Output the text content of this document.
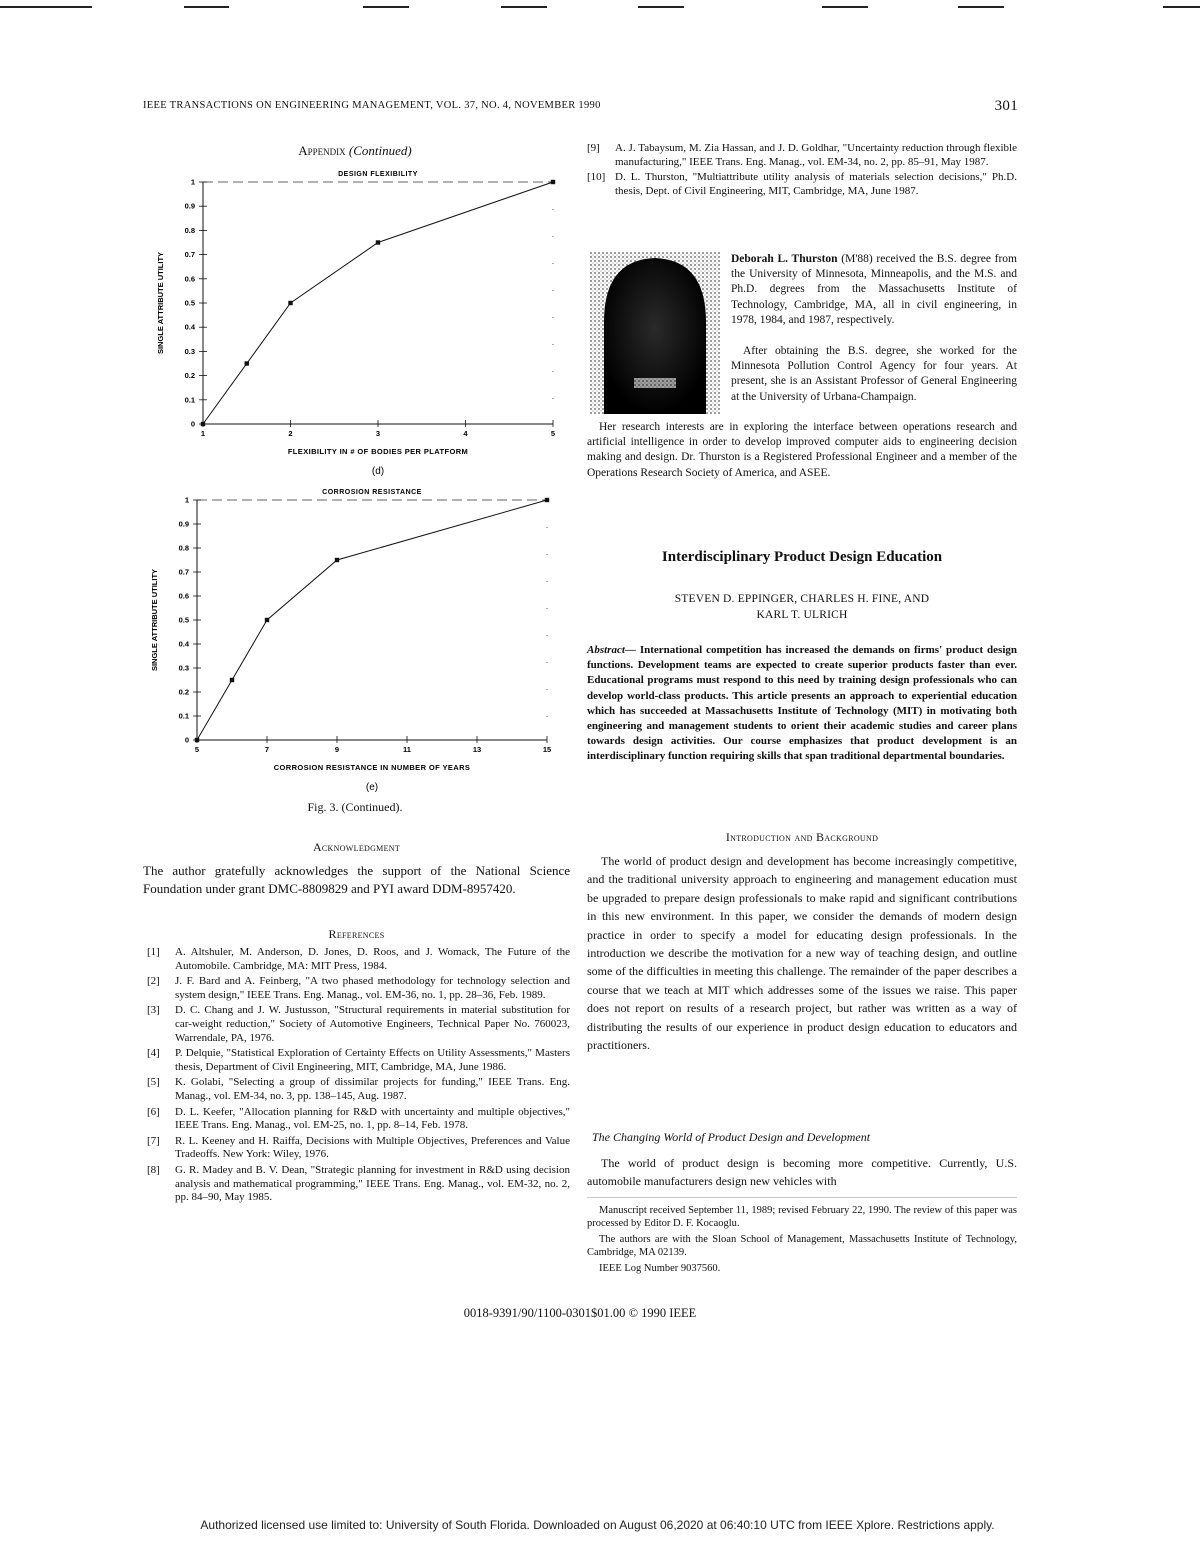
IEEE TRANSACTIONS ON ENGINEERING MANAGEMENT, VOL. 37, NO. 4, NOVEMBER 1990	301
Appendix (Continued)
DESIGN FLEXIBILITY
0
0.1
0.2
0.3
0.4
0.5
0.6
0.7
0.8
0.9
1
1	2	3	4	5
SINGLE ATTRIBUTE UTILITY
FLEXIBILITY IN # OF BODIES PER PLATFORM
(d)
CORROSION RESISTANCE
0
0.1
0.2
0.3
0.4
0.5
0.6
0.7
0.8
0.9
1
5	7	9	11	13	15
SINGLE ATTRIBUTE UTILITY
CORROSION RESISTANCE IN NUMBER OF YEARS
(e)
Fig. 3. (Continued).
Acknowledgment
The author gratefully acknowledges the support of the National Science Foundation under grant DMC-8809829 and PYI award DDM-8957420.
References
[1] A. Altshuler, M. Anderson, D. Jones, D. Roos, and J. Womack, The Future of the Automobile. Cambridge, MA: MIT Press, 1984.
[2] J. F. Bard and A. Feinberg, "A two phased methodology for technology selection and system design," IEEE Trans. Eng. Manag., vol. EM-36, no. 1, pp. 28–36, Feb. 1989.
[3] D. C. Chang and J. W. Justusson, "Structural requirements in material substitution for car-weight reduction," Society of Automotive Engineers, Technical Paper No. 760023, Warrendale, PA, 1976.
[4] P. Delquie, "Statistical Exploration of Certainty Effects on Utility Assessments," Masters thesis, Department of Civil Engineering, MIT, Cambridge, MA, June 1986.
[5] K. Golabi, "Selecting a group of dissimilar projects for funding," IEEE Trans. Eng. Manag., vol. EM-34, no. 3, pp. 138–145, Aug. 1987.
[6] D. L. Keefer, "Allocation planning for R&D with uncertainty and multiple objectives," IEEE Trans. Eng. Manag., vol. EM-25, no. 1, pp. 8–14, Feb. 1978.
[7] R. L. Keeney and H. Raiffa, Decisions with Multiple Objectives, Preferences and Value Tradeoffs. New York: Wiley, 1976.
[8] G. R. Madey and B. V. Dean, "Strategic planning for investment in R&D using decision analysis and mathematical programming," IEEE Trans. Eng. Manag., vol. EM-32, no. 2, pp. 84–90, May 1985.
[9] A. J. Tabaysum, M. Zia Hassan, and J. D. Goldhar, "Uncertainty reduction through flexible manufacturing," IEEE Trans. Eng. Manag., vol. EM-34, no. 2, pp. 85–91, May 1987.
[10] D. L. Thurston, "Multiattribute utility analysis of materials selection decisions," Ph.D. thesis, Dept. of Civil Engineering, MIT, Cambridge, MA, June 1987.
Deborah L. Thurston (M'88) received the B.S. degree from the University of Minnesota, Minneapolis, and the M.S. and Ph.D. degrees from the Massachusetts Institute of Technology, Cambridge, MA, all in civil engineering, in 1978, 1984, and 1987, respectively.
After obtaining the B.S. degree, she worked for the Minnesota Pollution Control Agency for four years. At present, she is an Assistant Professor of General Engineering at the University of Urbana-Champaign.
Her research interests are in exploring the interface between operations research and artificial intelligence in order to develop improved computer aids to engineering decision making and design. Dr. Thurston is a Registered Professional Engineer and a member of the Operations Research Society of America, and ASEE.
Interdisciplinary Product Design Education
STEVEN D. EPPINGER, CHARLES H. FINE, AND
KARL T. ULRICH
Abstract— International competition has increased the demands on firms' product design functions. Development teams are expected to create superior products faster than ever. Educational programs must respond to this need by training design professionals who can develop world-class products. This article presents an approach to experiential education which has succeeded at Massachusetts Institute of Technology (MIT) in motivating both engineering and management students to orient their academic studies and career plans towards design activities. Our course emphasizes that product development is an interdisciplinary function requiring skills that span traditional departmental boundaries.
Introduction and Background

The world of product design and development has become increasingly competitive, and the traditional university approach to engineering and management education must be upgraded to prepare design professionals to make rapid and significant contributions in this new environment. In this paper, we consider the demands of modern design practice in order to specify a model for educating design professionals. In the introduction we describe the motivation for a new way of teaching design, and outline some of the difficulties in meeting this challenge. The remainder of the paper describes a course that we teach at MIT which addresses some of the issues we raise. This paper does not report on results of a research project, but rather was written as a way of distributing the results of our experience in product design education to educators and practitioners.

The Changing World of Product Design and Development

The world of product design is becoming more competitive. Currently, U.S. automobile manufacturers design new vehicles with

Manuscript received September 11, 1989; revised February 22, 1990. The review of this paper was processed by Editor D. F. Kocaoglu.

The authors are with the Sloan School of Management, Massachusetts Institute of Technology, Cambridge, MA 02139.

IEEE Log Number 9037560.

0018-9391/90/1100-0301$01.00 © 1990 IEEE
Authorized licensed use limited to: University of South Florida. Downloaded on August 06,2020 at 06:40:10 UTC from IEEE Xplore. Restrictions apply.
